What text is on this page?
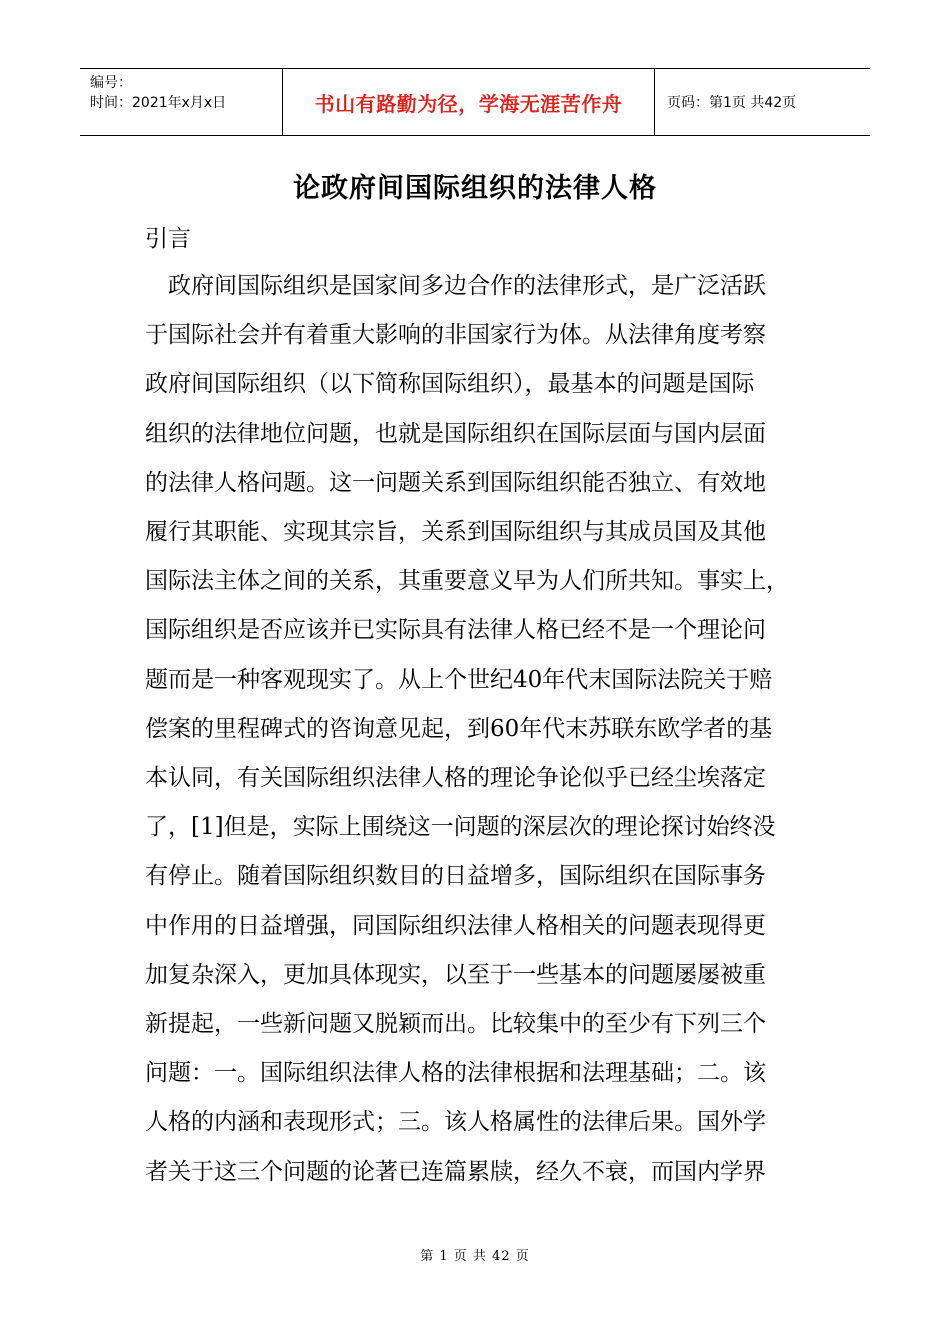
编号：
时间：2021年x月x日	书山有路勤为径，学海无涯苦作舟	页码：第1页 共42页
论政府间国际组织的法律人格
引言
　政府间国际组织是国家间多边合作的法律形式，是广泛活跃
于国际社会并有着重大影响的非国家行为体。从法律角度考察
政府间国际组织（以下简称国际组织），最基本的问题是国际
组织的法律地位问题，也就是国际组织在国际层面与国内层面
的法律人格问题。这一问题关系到国际组织能否独立、有效地
履行其职能、实现其宗旨，关系到国际组织与其成员国及其他
国际法主体之间的关系，其重要意义早为人们所共知。事实上，
国际组织是否应该并已实际具有法律人格已经不是一个理论问
题而是一种客观现实了。从上个世纪40年代末国际法院关于赔
偿案的里程碑式的咨询意见起，到60年代末苏联东欧学者的基
本认同，有关国际组织法律人格的理论争论似乎已经尘埃落定
了，[1]但是，实际上围绕这一问题的深层次的理论探讨始终没
有停止。随着国际组织数目的日益增多，国际组织在国际事务
中作用的日益增强，同国际组织法律人格相关的问题表现得更
加复杂深入，更加具体现实，以至于一些基本的问题屡屡被重
新提起，一些新问题又脱颖而出。比较集中的至少有下列三个
问题：一。国际组织法律人格的法律根据和法理基础；二。该
人格的内涵和表现形式；三。该人格属性的法律后果。国外学
者关于这三个问题的论著已连篇累牍，经久不衰，而国内学界
第 1 页 共 42 页
